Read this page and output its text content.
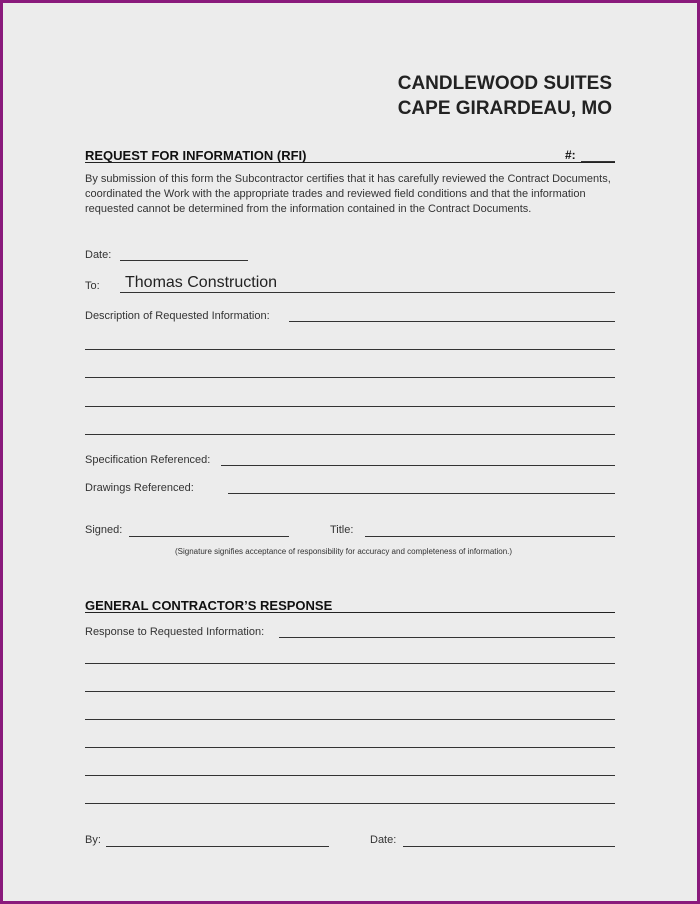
CANDLEWOOD SUITES
CAPE GIRARDEAU, MO
REQUEST FOR INFORMATION (RFI)	#:
By submission of this form the Subcontractor certifies that it has carefully reviewed the Contract Documents, coordinated the Work with the appropriate trades and reviewed field conditions and that the information requested cannot be determined from the information contained in the Contract Documents.
Date:
To: Thomas Construction
Description of Requested Information:
Specification Referenced:
Drawings Referenced:
Signed:	Title:
(Signature signifies acceptance of responsibility for accuracy and completeness of information.)
GENERAL CONTRACTOR’S RESPONSE
Response to Requested Information:
By:	Date:
